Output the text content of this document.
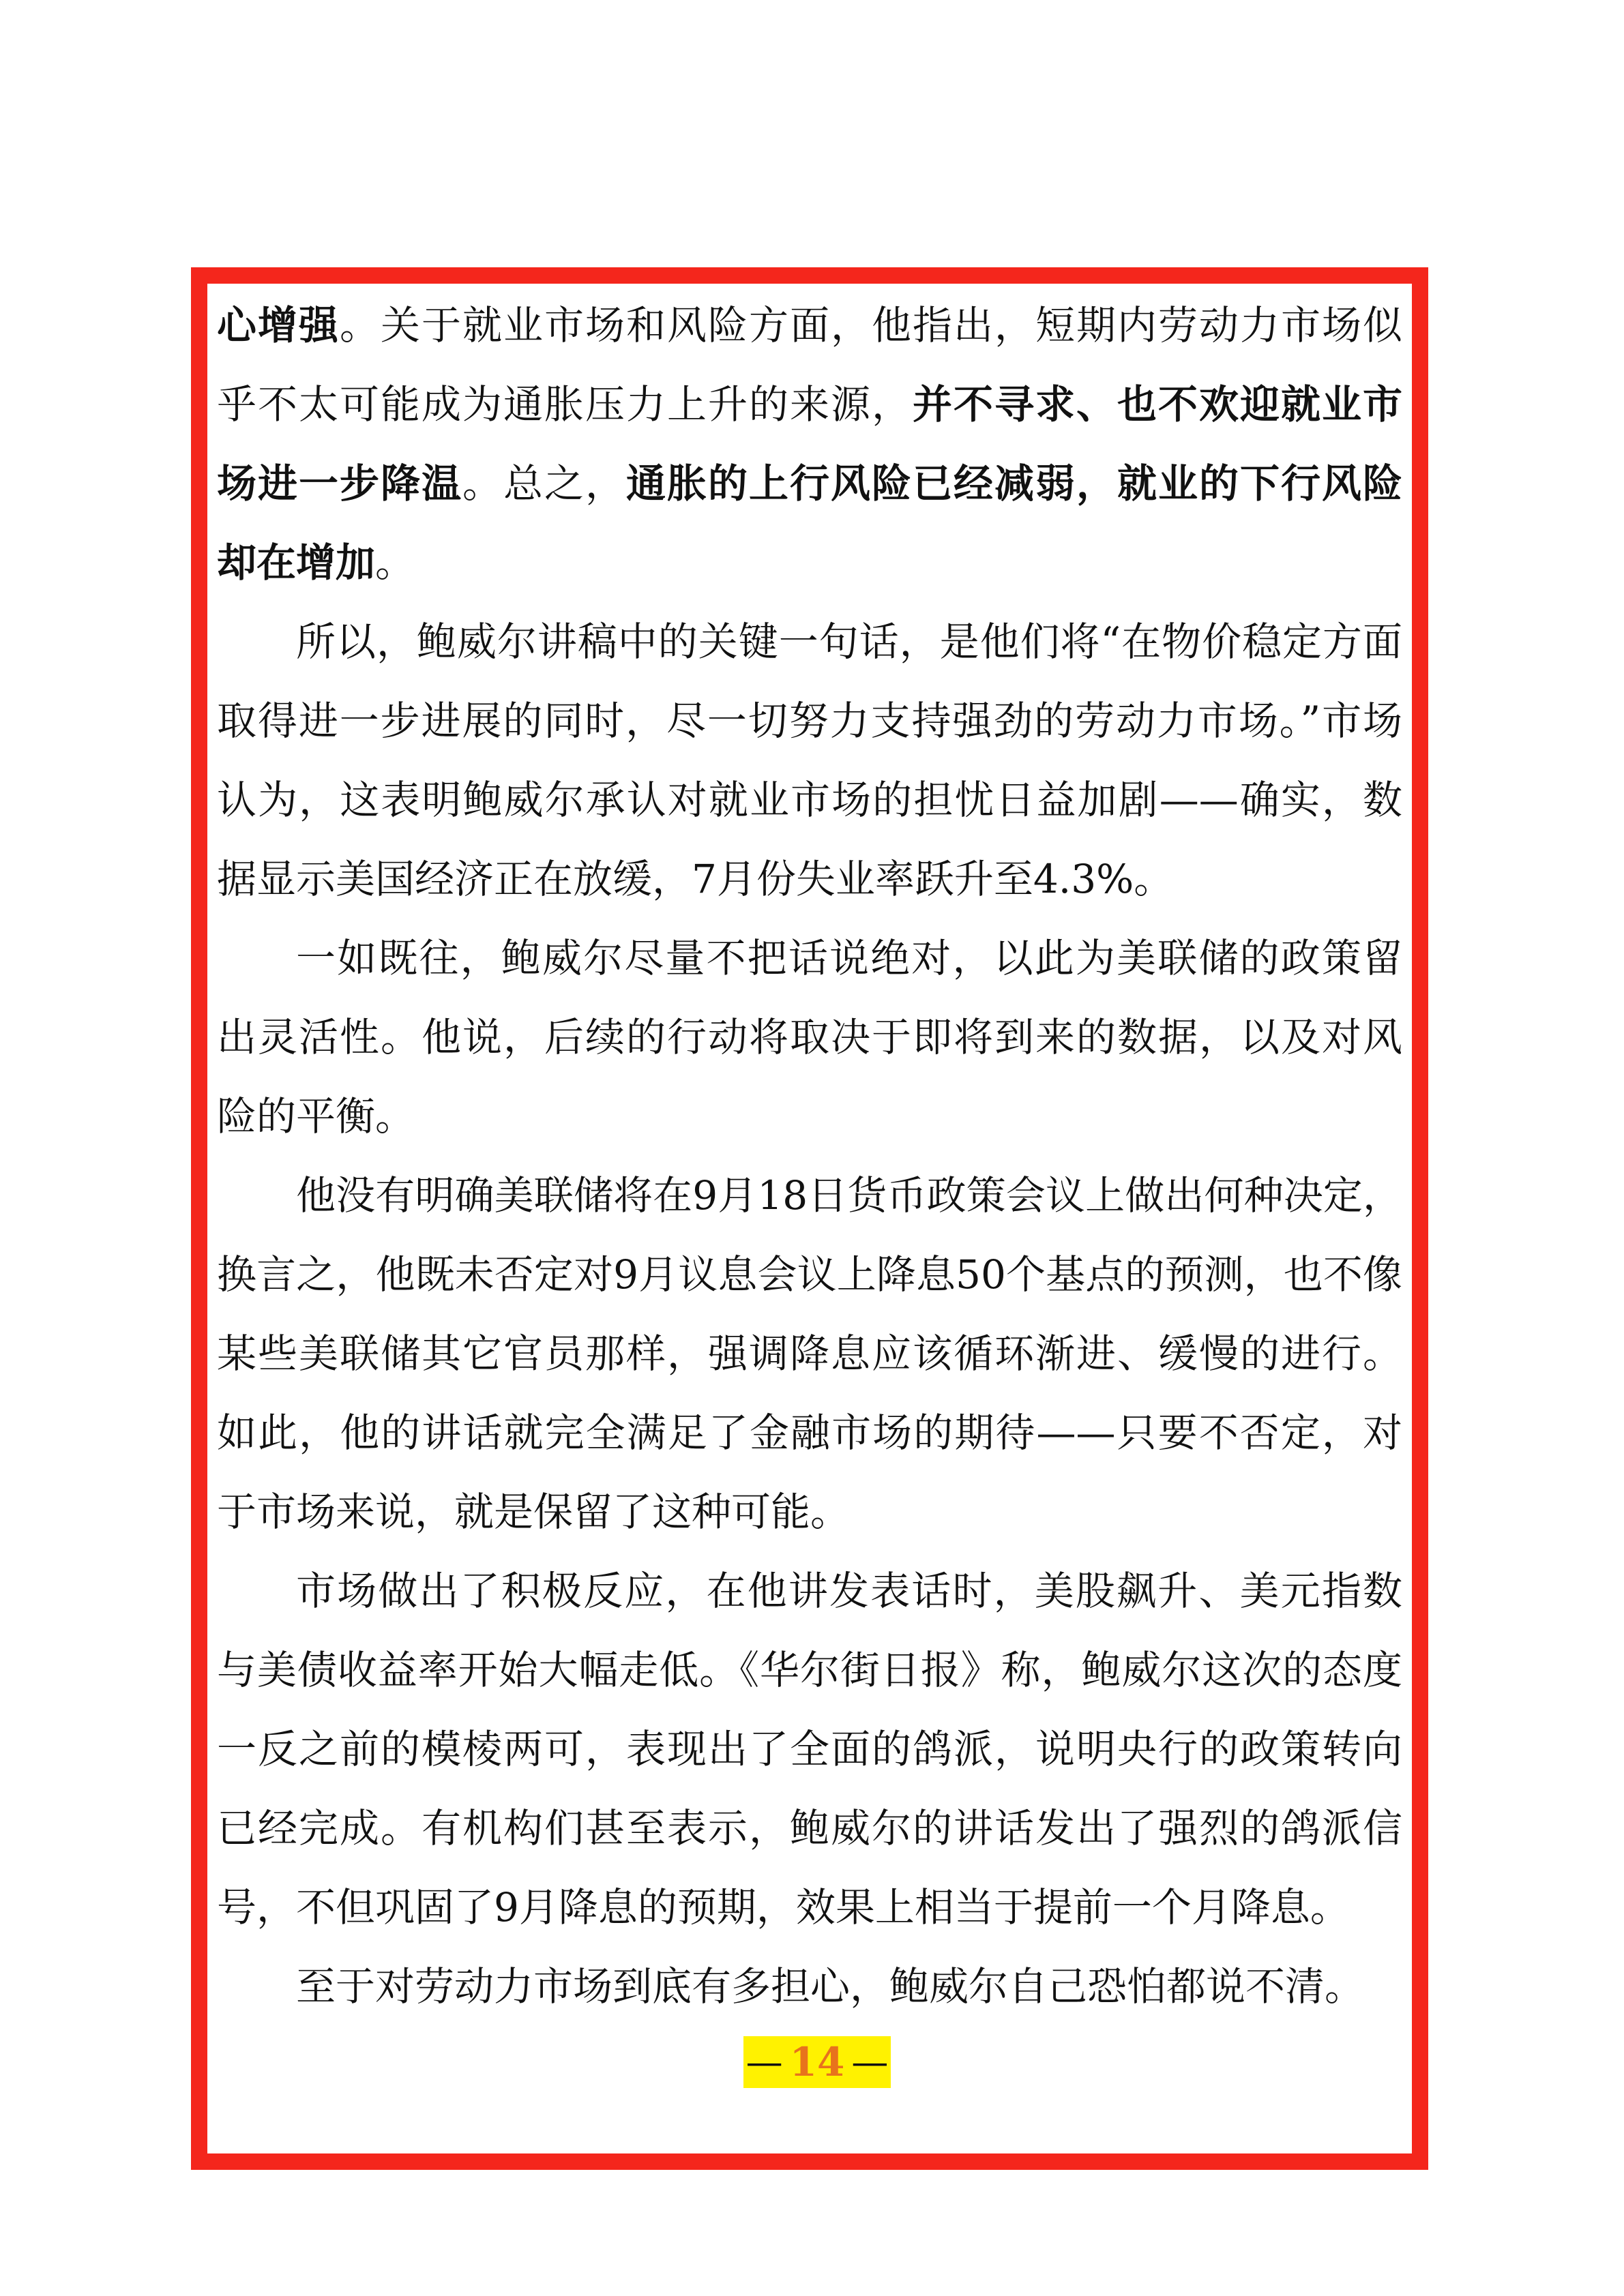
心增强。关于就业市场和风险方面，他指出，短期内劳动力市场似乎不太可能成为通胀压力上升的来源，并不寻求、也不欢迎就业市场进一步降温。总之，通胀的上行风险已经减弱，就业的下行风险却在增加。

所以，鲍威尔讲稿中的关键一句话，是他们将“在物价稳定方面取得进一步进展的同时，尽一切努力支持强劲的劳动力市场。”市场认为，这表明鲍威尔承认对就业市场的担忧日益加剧——确实，数据显示美国经济正在放缓，7月份失业率跃升至4.3%。

一如既往，鲍威尔尽量不把话说绝对，以此为美联储的政策留出灵活性。他说，后续的行动将取决于即将到来的数据，以及对风险的平衡。

他没有明确美联储将在9月18日货币政策会议上做出何种决定，换言之，他既未否定对9月议息会议上降息50个基点的预测，也不像某些美联储其它官员那样，强调降息应该循环渐进、缓慢的进行。如此，他的讲话就完全满足了金融市场的期待——只要不否定，对于市场来说，就是保留了这种可能。

市场做出了积极反应，在他讲发表话时，美股飙升、美元指数与美债收益率开始大幅走低。《华尔街日报》称，鲍威尔这次的态度一反之前的模棱两可，表现出了全面的鸽派，说明央行的政策转向已经完成。有机构们甚至表示，鲍威尔的讲话发出了强烈的鸽派信号，不但巩固了9月降息的预期，效果上相当于提前一个月降息。

至于对劳动力市场到底有多担心，鲍威尔自己恐怕都说不清。

— 14 —
